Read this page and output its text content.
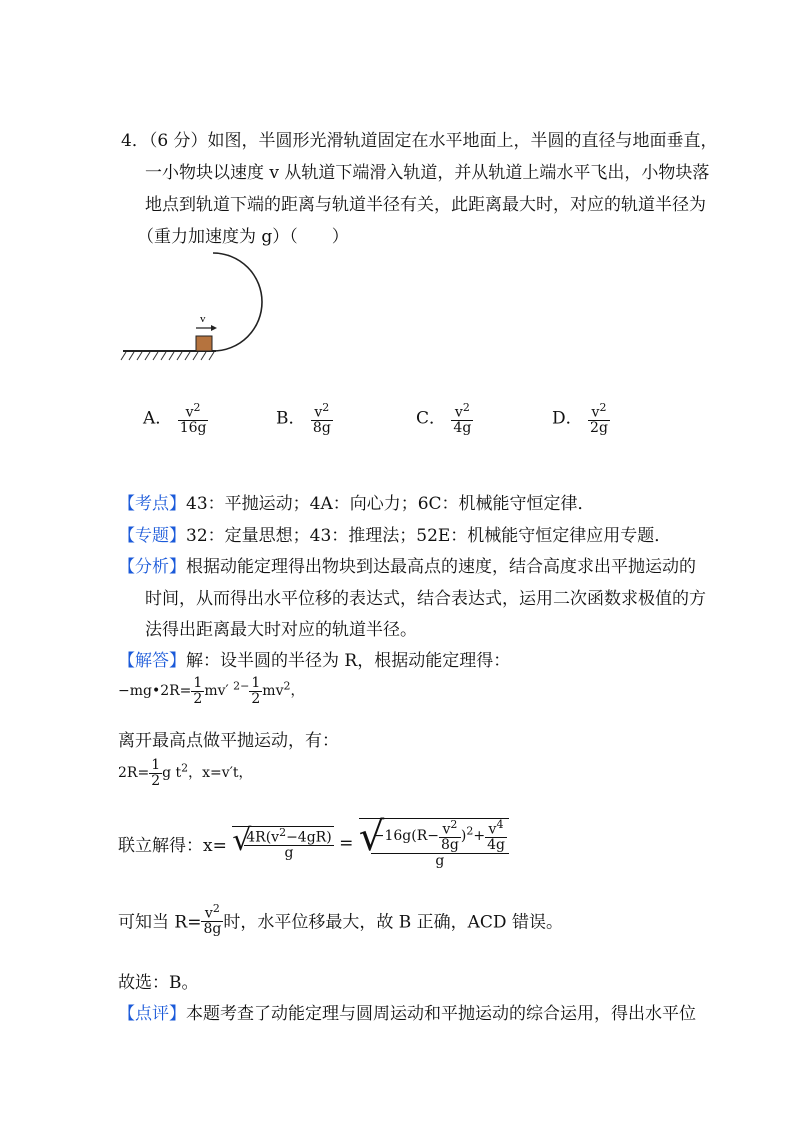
4．（6 分）如图，半圆形光滑轨道固定在水平地面上，半圆的直径与地面垂直，
一小物块以速度 v 从轨道下端滑入轨道，并从轨道上端水平飞出，小物块落
地点到轨道下端的距离与轨道半径有关，此距离最大时，对应的轨道半径为
（重力加速度为 g）（　　）
v
A． $\frac{v^2}{16g}$	B． $\frac{v^2}{8g}$	C． $\frac{v^2}{4g}$	D． $\frac{v^2}{2g}$
【考点】43：平抛运动；4A：向心力；6C：机械能守恒定律．
【专题】32：定量思想；43：推理法；52E：机械能守恒定律应用专题．
【分析】根据动能定理得出物块到达最高点的速度，结合高度求出平抛运动的
时间，从而得出水平位移的表达式，结合表达式，运用二次函数求极值的方
法得出距离最大时对应的轨道半径。
【解答】解：设半圆的半径为 R，根据动能定理得：
−mg•2R= $\frac{1}{2} mv'$ $^{2-} \frac{1}{2} mv^2$，
离开最高点做平抛运动，有：
$2R= \frac{1}{2}$ g $t^2$，x=v′t，
联立解得：x= √
$\frac{4R(v^2-4gR)}{g}$ = √
$\frac{-16g(R- \frac{v^2}{8g} )^2+ \frac{v^4}{4g}}{g}$
可知当 $R= \frac{v^2}{8g}$ 时，水平位移最大，故 B 正确，ACD 错误。
故选：B。
【点评】本题考查了动能定理与圆周运动和平抛运动的综合运用，得出水平位
